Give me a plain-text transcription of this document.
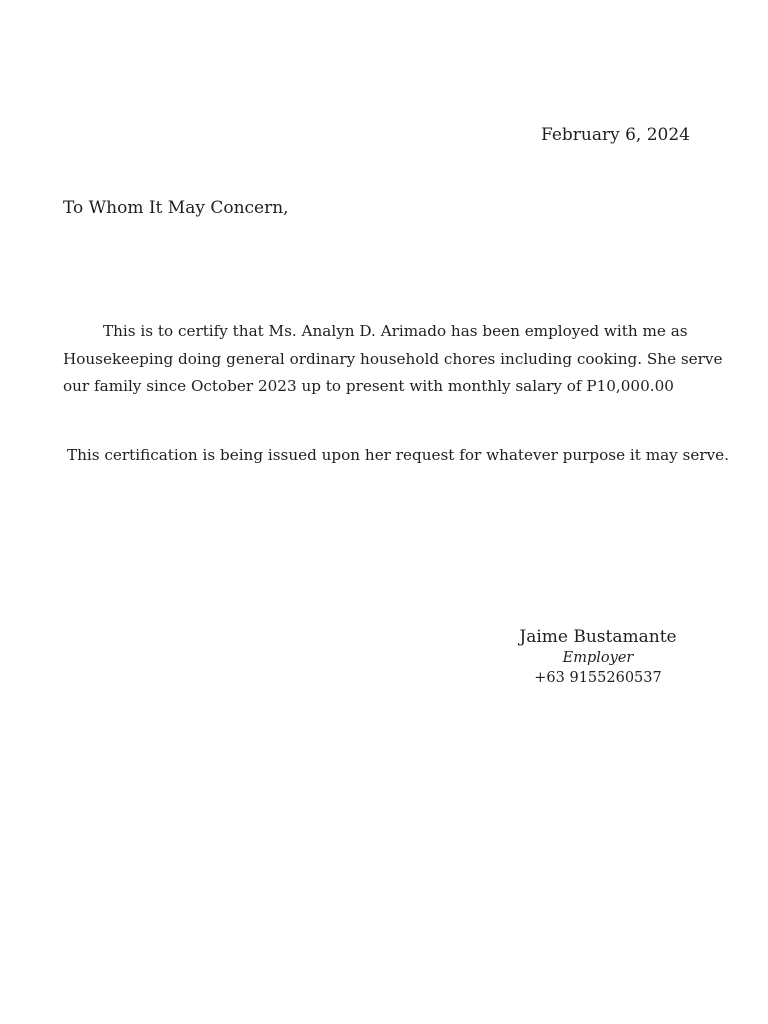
February 6, 2024
To Whom It May Concern,
This is to certify that Ms. Analyn D. Arimado has been employed with me as
Housekeeping doing general ordinary household chores including cooking. She serve
our family since October 2023 up to present with monthly salary of P10,000.00
This certification is being issued upon her request for whatever purpose it may serve.
Jaime Bustamante
Employer
+63 9155260537
